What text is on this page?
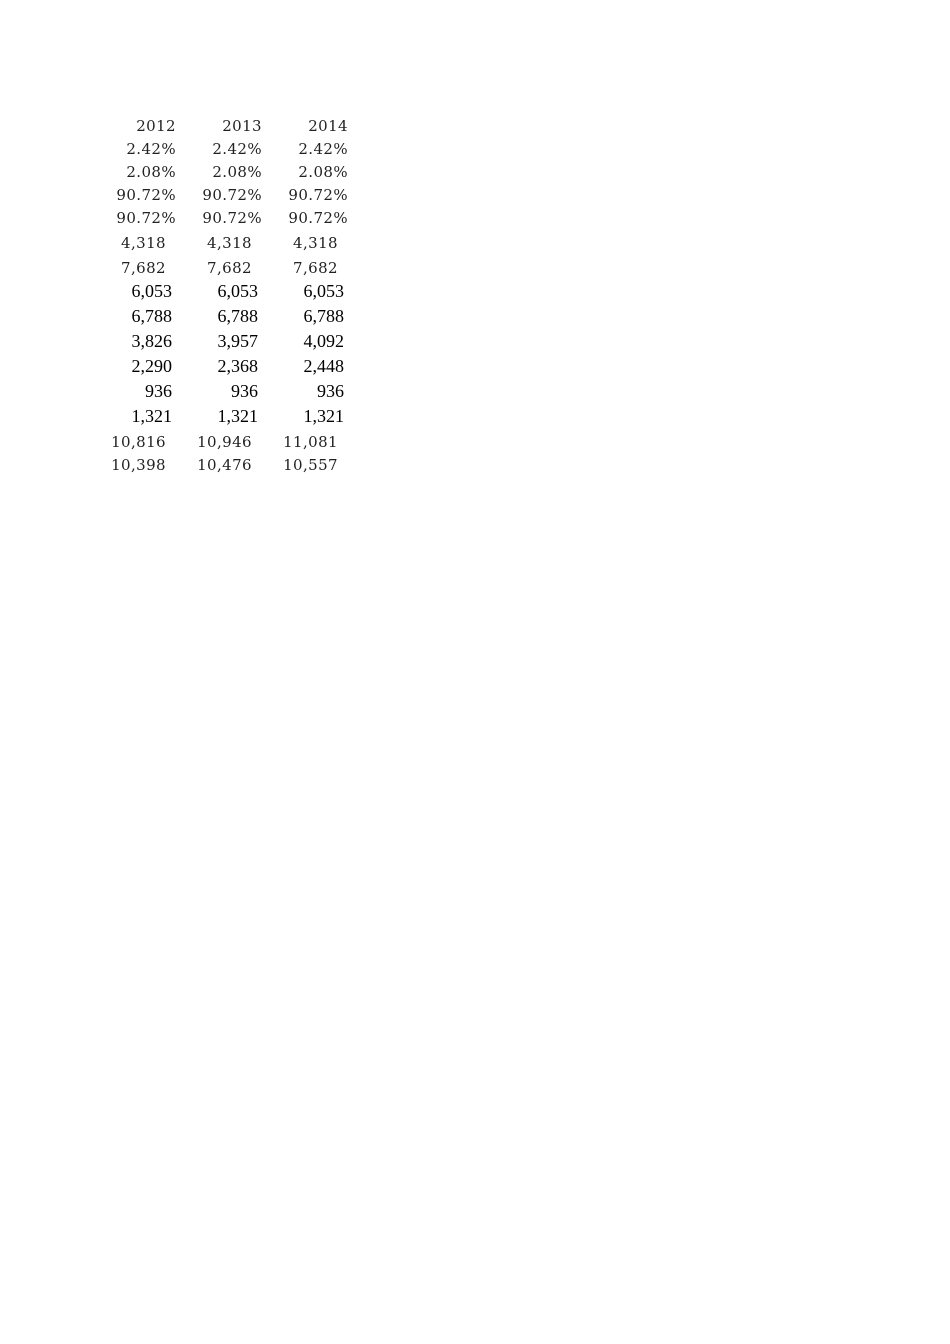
2012	2013	2014
2.42%	2.42%	2.42%
2.08%	2.08%	2.08%
90.72%	90.72%	90.72%
90.72%	90.72%	90.72%
4,318	4,318	4,318
7,682	7,682	7,682
6,053	6,053	6,053
6,788	6,788	6,788
3,826	3,957	4,092
2,290	2,368	2,448
936	936	936
1,321	1,321	1,321
10,816	10,946	11,081
10,398	10,476	10,557
